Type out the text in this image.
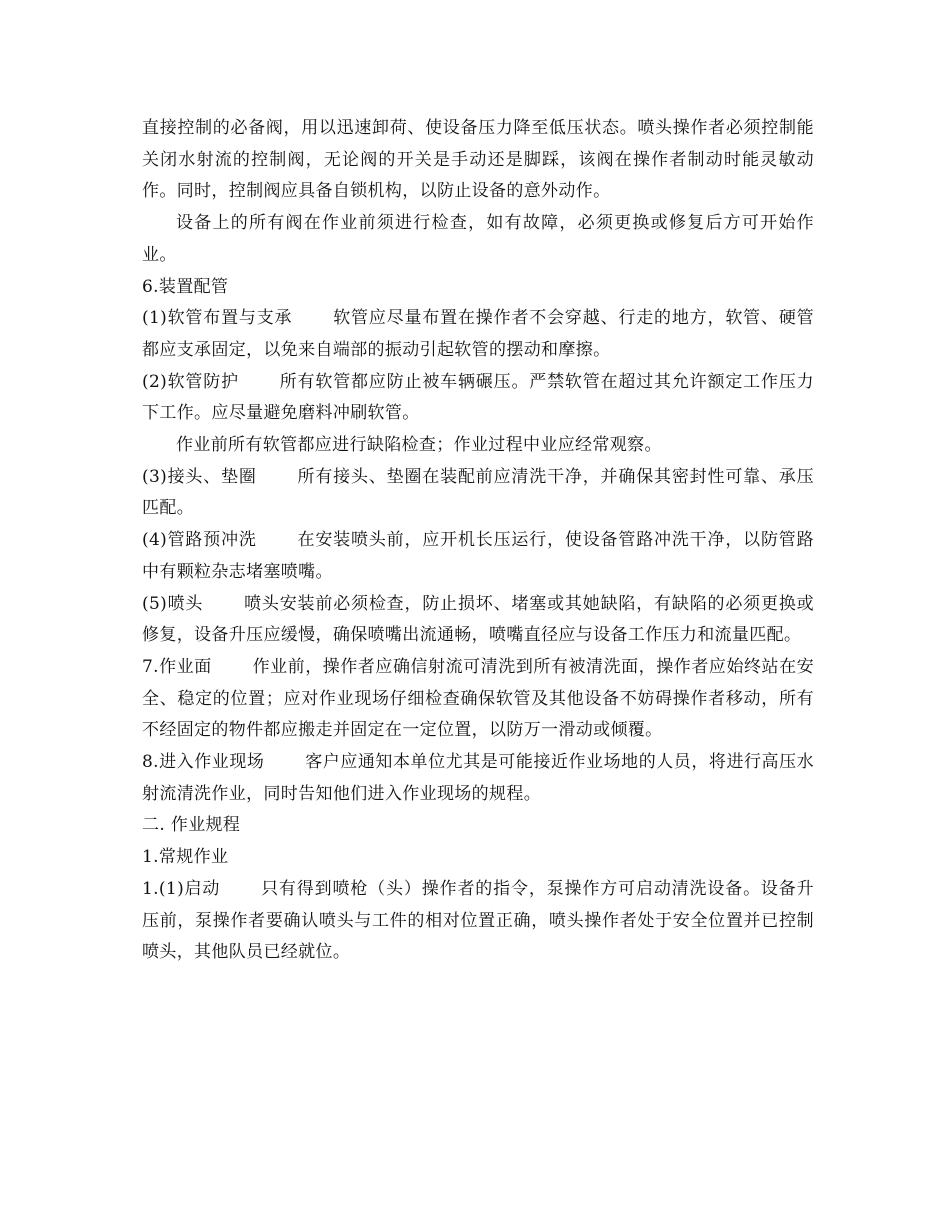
直接控制的必备阀，用以迅速卸荷、使设备压力降至低压状态。喷头操作者必须控制能关闭水射流的控制阀，无论阀的开关是手动还是脚踩，该阀在操作者制动时能灵敏动作。同时，控制阀应具备自锁机构，以防止设备的意外动作。

设备上的所有阀在作业前须进行检查，如有故障，必须更换或修复后方可开始作业。

6.装置配管

(1)软管布置与支承 软管应尽量布置在操作者不会穿越、行走的地方，软管、硬管都应支承固定，以免来自端部的振动引起软管的摆动和摩擦。

(2)软管防护 所有软管都应防止被车辆碾压。严禁软管在超过其允许额定工作压力下工作。应尽量避免磨料冲刷软管。

作业前所有软管都应进行缺陷检查；作业过程中业应经常观察。

(3)接头、垫圈 所有接头、垫圈在装配前应清洗干净，并确保其密封性可靠、承压匹配。

(4)管路预冲洗 在安装喷头前，应开机长压运行，使设备管路冲洗干净，以防管路中有颗粒杂志堵塞喷嘴。

(5)喷头 喷头安装前必须检查，防止损坏、堵塞或其她缺陷，有缺陷的必须更换或修复，设备升压应缓慢，确保喷嘴出流通畅，喷嘴直径应与设备工作压力和流量匹配。

7.作业面 作业前，操作者应确信射流可清洗到所有被清洗面，操作者应始终站在安全、稳定的位置；应对作业现场仔细检查确保软管及其他设备不妨碍操作者移动，所有不经固定的物件都应搬走并固定在一定位置，以防万一滑动或倾覆。

8.进入作业现场 客户应通知本单位尤其是可能接近作业场地的人员，将进行高压水射流清洗作业，同时告知他们进入作业现场的规程。

二. 作业规程

1.常规作业

1.(1)启动 只有得到喷枪（头）操作者的指令，泵操作方可启动清洗设备。设备升压前，泵操作者要确认喷头与工件的相对位置正确，喷头操作者处于安全位置并已控制喷头，其他队员已经就位。
